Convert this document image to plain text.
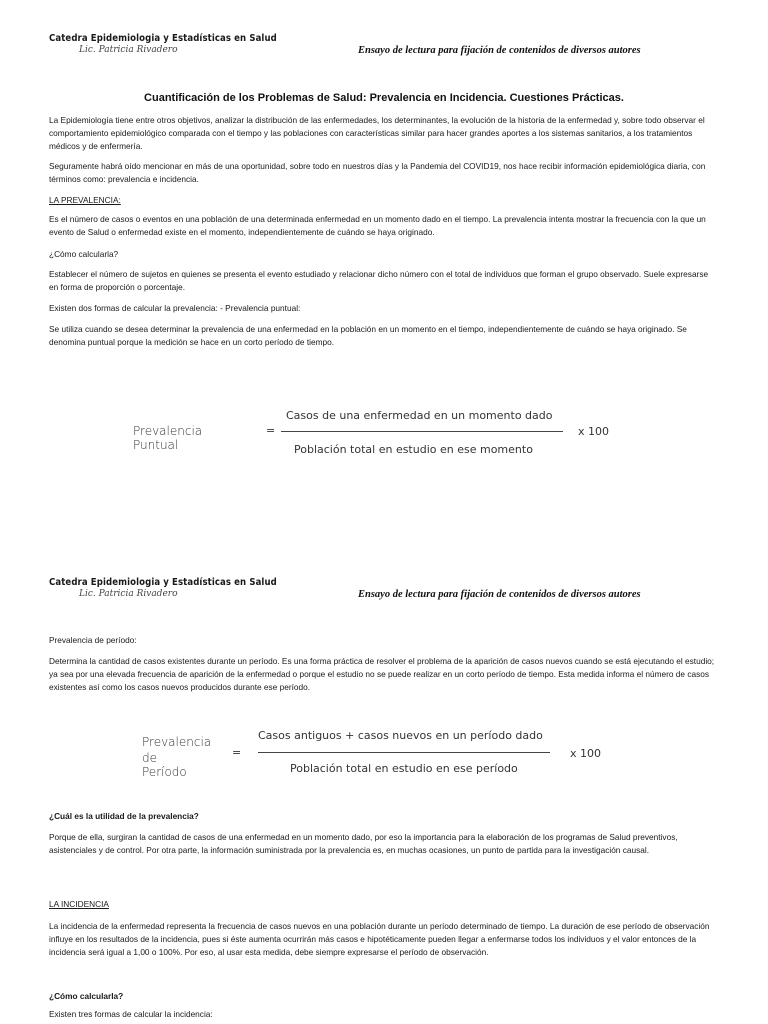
Catedra Epidemiologia y Estadísticas en Salud
Lic. Patricia Rivadero	Ensayo de lectura para fijación de contenidos de diversos autores
Cuantificación de los Problemas de Salud: Prevalencia en Incidencia. Cuestiones Prácticas.
La Epidemiología tiene entre otros objetivos, analizar la distribución de las enfermedades, los determinantes, la evolución de la historia de la enfermedad y, sobre todo observar el comportamiento epidemiológico comparada con el tiempo y las poblaciones con características similar para hacer grandes aportes a los sistemas sanitarios, a los tratamientos médicos y de enfermería.
Seguramente habrá oído mencionar en más de una oportunidad, sobre todo en nuestros días y la Pandemia del COVID19, nos hace recibir información epidemiológica diaria, con términos como: prevalencia e incidencia.
LA PREVALENCIA:
Es el número de casos o eventos en una población de una determinada enfermedad en un momento dado en el tiempo. La prevalencia intenta mostrar la frecuencia con la que un evento de Salud o enfermedad existe en el momento, independientemente de cuándo se haya originado.
¿Cómo calcularla?
Establecer el número de sujetos en quienes se presenta el evento estudiado y relacionar dicho número con el total de individuos que forman el grupo observado. Suele expresarse en forma de proporción o porcentaje.
Existen dos formas de calcular la prevalencia: - Prevalencia puntual:
Se utiliza cuando se desea determinar la prevalencia de una enfermedad en la población en un momento en el tiempo, independientemente de cuándo se haya originado. Se denomina puntual porque la medición se hace en un corto período de tiempo.
Prevalencia Puntual
=
Casos de una enfermedad en un momento dado
Población total en estudio en ese momento
x 100
Catedra Epidemiologia y Estadísticas en Salud
Lic. Patricia Rivadero	Ensayo de lectura para fijación de contenidos de diversos autores
Prevalencia de período:
Determina la cantidad de casos existentes durante un período. Es una forma práctica de resolver el problema de la aparición de casos nuevos cuando se está ejecutando el estudio; ya sea por una elevada frecuencia de aparición de la enfermedad o porque el estudio no se puede realizar en un corto período de tiempo. Esta medida informa el número de casos existentes así como los casos nuevos producidos durante ese período.
Prevalencia
de Período
=
Casos antiguos + casos nuevos en un período dado
Población total en estudio en ese período
x 100
¿Cuál es la utilidad de la prevalencia?
Porque de ella, surgiran la cantidad de casos de una enfermedad en un momento dado, por eso la importancia para la elaboración de los programas de Salud preventivos, asistenciales y de control. Por otra parte, la información suministrada por la prevalencia es, en muchas ocasiones, un punto de partida para la investigación causal.
LA INCIDENCIA
La incidencia de la enfermedad representa la frecuencia de casos nuevos en una población durante un período determinado de tiempo. La duración de ese período de observación influye en los resultados de la incidencia, pues si éste aumenta ocurrirán más casos e hipotéticamente pueden llegar a enfermarse todos los individuos y el valor entonces de la incidencia será igual a 1,00 o 100%. Por eso, al usar esta medida, debe siempre expresarse el período de observación.
¿Cómo calcularla?
Existen tres formas de calcular la incidencia:
